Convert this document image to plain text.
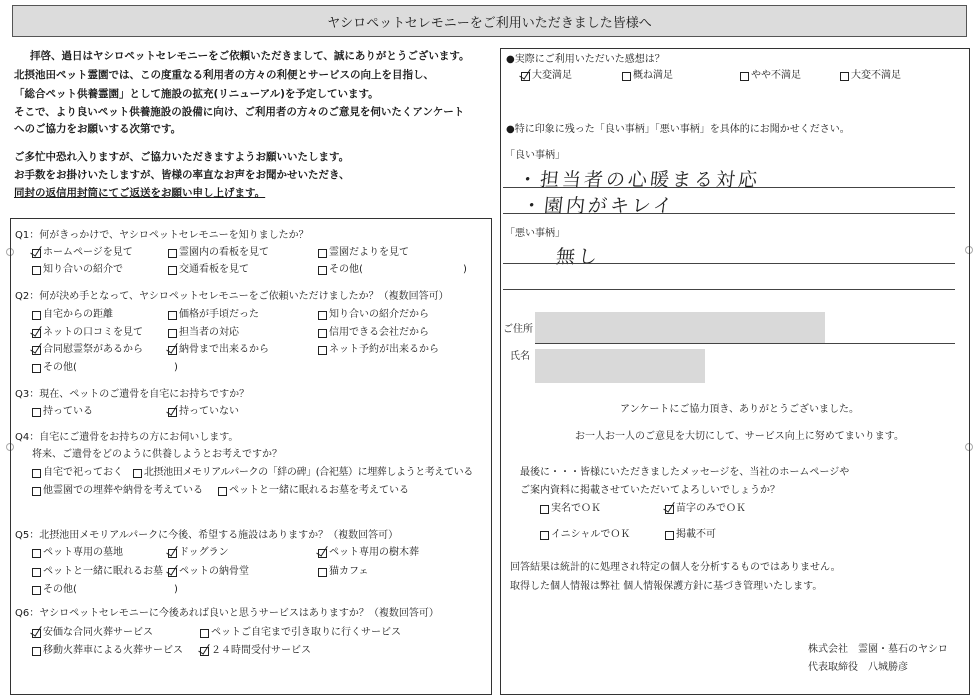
ヤシロペットセレモニーをご利用いただきました皆様へ
拝啓、過日はヤシロペットセレモニーをご依頼いただきまして、誠にありがとうございます。
北摂池田ペット霊園では、この度重なる利用者の方々の利便とサービスの向上を目指し、
「総合ペット供養霊園」として施設の拡充(リニューアル)を予定しています。
そこで、より良いペット供養施設の設備に向け、ご利用者の方々のご意見を伺いたくアンケート
へのご協力をお願いする次第です。
ご多忙中恐れ入りますが、ご協力いただきますようお願いいたします。
お手数をお掛けいたしますが、皆様の率直なお声をお聞かせいただき、
同封の返信用封筒にてご返送をお願い申し上げます。
Q1：何がきっかけで、ヤシロペットセレモニーを知りましたか？
ホームページを見て	霊園内の看板を見て	霊園だよりを見て
知り合いの紹介で	交通看板を見て	その他(	)
Q2：何が決め手となって、ヤシロペットセレモニーをご依頼いただけましたか？（複数回答可）
自宅からの距離	価格が手頃だった	知り合いの紹介だから
ネットの口コミを見て	担当者の対応	信用できる会社だから
合同慰霊祭があるから	納骨まで出来るから	ネット予約が出来るから
その他(	)
Q3：現在、ペットのご遺骨を自宅にお持ちですか？
持っている	持っていない
Q4：自宅にご遺骨をお持ちの方にお伺いします。
将来、ご遺骨をどのように供養しようとお考えですか？
自宅で祀っておく 北摂池田メモリアルパークの「絆の碑」(合祀墓）に埋葬しようと考えている
他霊園での埋葬や納骨を考えている	ペットと一緒に眠れるお墓を考えている
Q5：北摂池田メモリアルパークに今後、希望する施設はありますか？（複数回答可）
ペット専用の墓地	ドッグラン	ペット専用の樹木葬
ペットと一緒に眠れるお墓 ペットの納骨堂	猫カフェ
その他(	)
Q6：ヤシロペットセレモニーに今後あれば良いと思うサービスはありますか？（複数回答可）
安価な合同火葬サービス	ペットご自宅まで引き取りに行くサービス
移動火葬車による火葬サービス	２４時間受付サービス
●実際にご利用いただいた感想は？
大変満足	概ね満足	やや不満足	大変不満足
●特に印象に残った「良い事柄」「悪い事柄」を具体的にお聞かせください。
「良い事柄」
・担当者の心暖まる対応
・園内がキレイ
「悪い事柄」
無し
ご住所
氏名
アンケートにご協力頂き、ありがとうございました。
お一人お一人のご意見を大切にして、サービス向上に努めてまいります。
最後に・・・皆様にいただきましたメッセージを、当社のホームページや
ご案内資料に掲載させていただいてよろしいでしょうか？
実名でＯＫ	苗字のみでＯＫ
イニシャルでＯＫ	掲載不可
回答結果は統計的に処理され特定の個人を分析するものではありません。
取得した個人情報は弊社 個人情報保護方針に基づき管理いたします。
株式会社　霊園・墓石のヤシロ
代表取締役　八城勝彦
